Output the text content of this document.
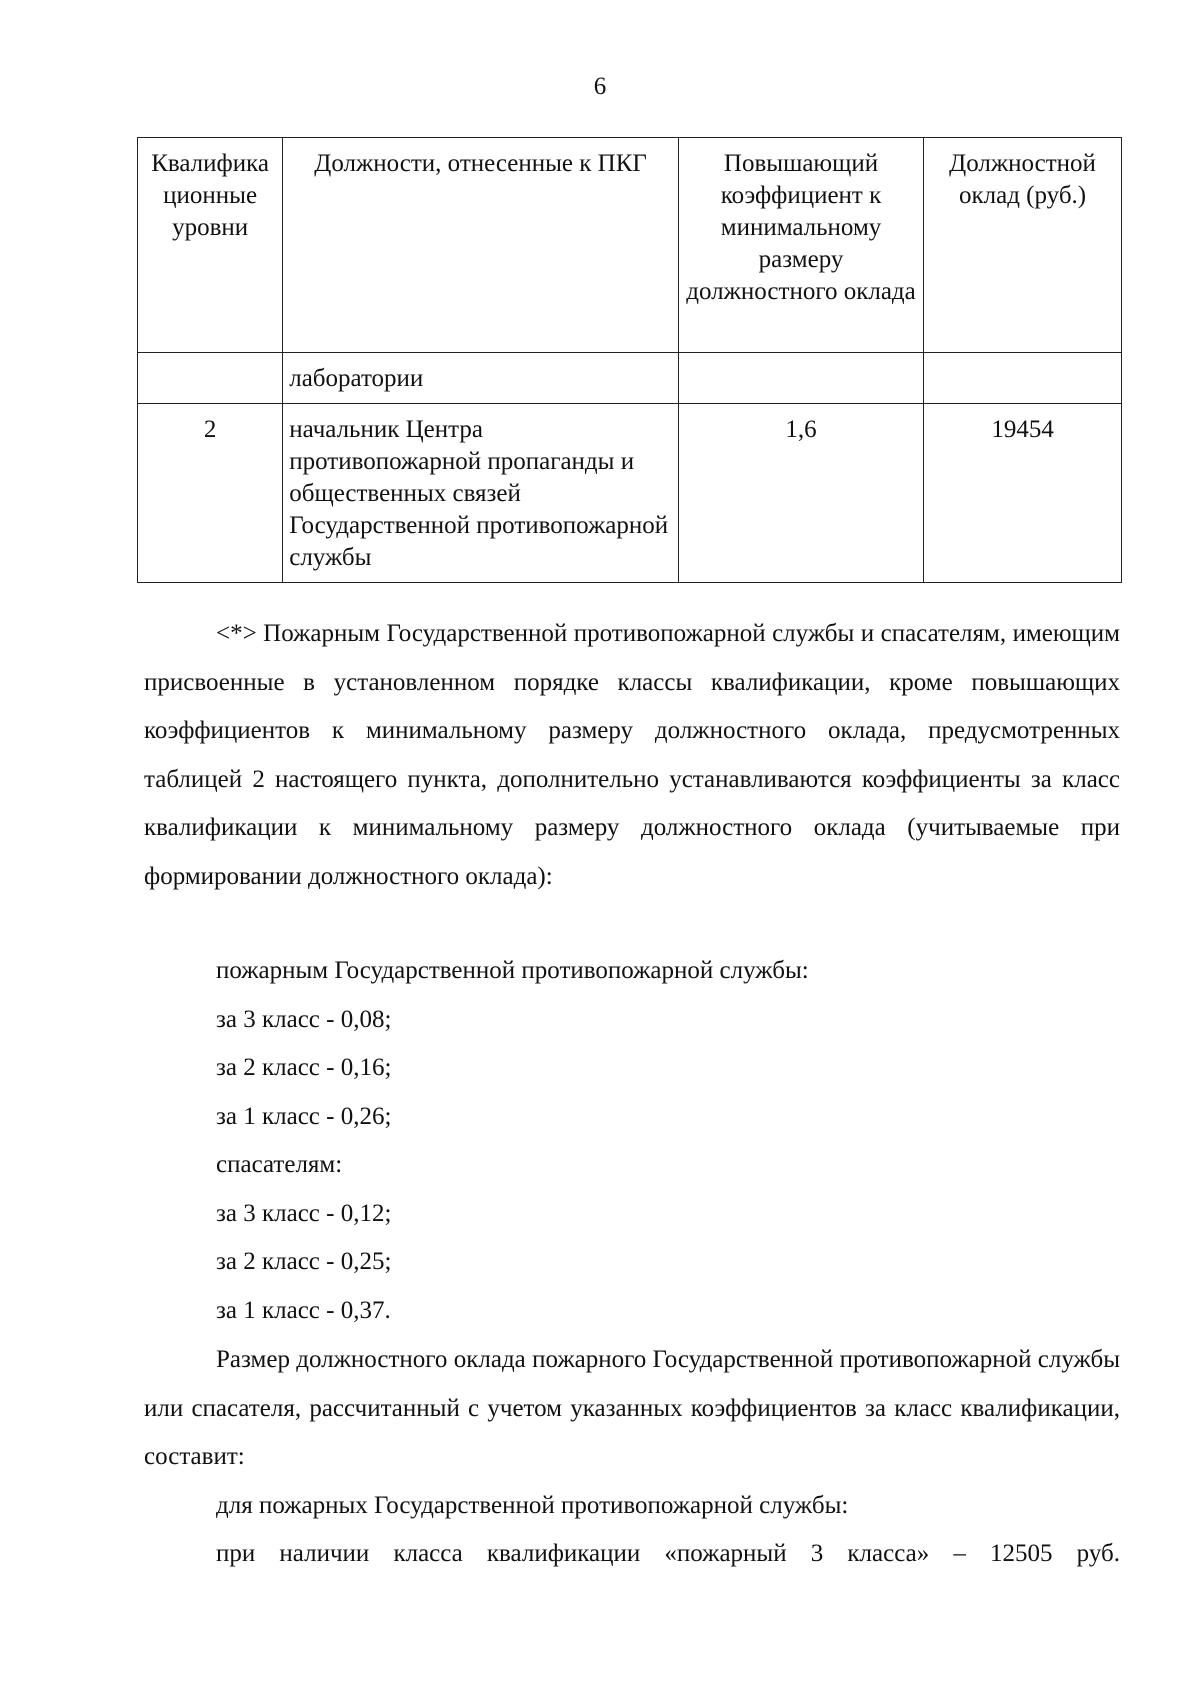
6
Квалифика ционные уровни	Должности, отнесенные к ПКГ	Повышающий коэффициент к минимальному размеру должностного оклада	Должностной оклад (руб.)
	лаборатории		
2	начальник Центра противопожарной пропаганды и общественных связей Государственной противопожарной службы	1,6	19454
<*> Пожарным Государственной противопожарной службы и спасателям, имеющим присвоенные в установленном порядке классы квалификации, кроме повышающих коэффициентов к минимальному размеру должностного оклада, предусмотренных таблицей 2 настоящего пункта, дополнительно устанавливаются коэффициенты за класс квалификации к минимальному размеру должностного оклада (учитываемые при формировании должностного оклада):
пожарным Государственной противопожарной службы:
за 3 класс - 0,08;
за 2 класс - 0,16;
за 1 класс - 0,26;
спасателям:
за 3 класс - 0,12;
за 2 класс - 0,25;
за 1 класс - 0,37.
Размер должностного оклада пожарного Государственной противопожарной службы или спасателя, рассчитанный с учетом указанных коэффициентов за класс квалификации, составит:
для пожарных Государственной противопожарной службы:
при наличии класса квалификации «пожарный 3 класса» – 12505 руб.
